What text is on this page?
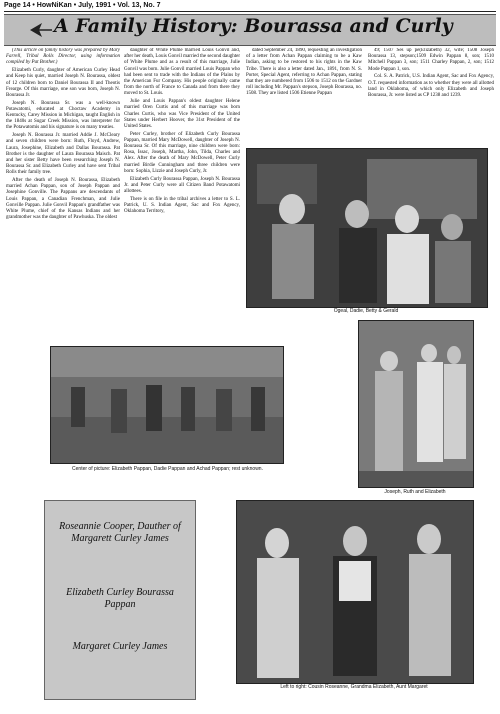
Page 14 • HowNiKan • July, 1991 • Vol. 13, No. 7
A Family History: Bourassa and Curly

(This article on family history was prepared by Mary Farrell, Tribal Rolls Director, using information compiled by Pat Brother.)

Elizabeth Curly, daughter of American Curley Head and Keep his quiet, married Joseph N. Bourassa, oldest of 12 children born to Daniel Bourassa II and Theotis Frearge. Of this marriage, one son was born, Joseph N. Bourassa Jr.

Joseph N. Bourassa Sr. was a well-known Potawatomi, educated at Choctaw Academy in Kentucky, Carey Mission in Michigan, taught English in the 1840s at Sugar Creek Mission, was interpreter for the Potawatomis and his signature is on many treaties.

Joseph N. Bourassa Jr. married Addie J. McCleary and seven children were born: Ruth, Floyd, Andrew, Laura, Josephine, Elizabeth and Dallas Bourassa. Pat Brother is the daughter of Laura Bourassa Maisch. Pat and her sister Betty have been researching Joseph N. Bourassa Sr. and Elizabeth Curley and have sent Tribal Rolls their family tree.

After the death of Joseph N. Bourassa, Elizabeth married Achan Pappan, son of Joseph Pappan and Josephine Gonville. The Pappans are descendants of Louis Pappan, a Canadian Frenchman, and Julie Gonville Pappan. Julie Gonvil Pappan's grandfather was White Plume, chief of the Kansas Indians and her grandmother was the daughter of Pawhuska. The oldest

daughter of White Plume married Louis Gonvil and, after her death, Louis Gonvil married the second daughter of White Plume and as a result of this marriage, Julie Gonvil was born. Julie Gonvil married Louis Pappan who had been sent to trade with the Indians of the Plains by the American Fur Company. His people originally came from the north of France to Canada and from there they moved to St. Louis.

Julie and Louis Pappan's oldest daughter Helene married Oren Curtis and of this marriage was born Charles Curtis, who was Vice President of the United States under Herbert Hoover, the 31st President of the United States.

Peter Curley, brother of Elizabeth Curly Bourassa Pappan, married Mary McDowell, daughter of Joseph N. Bourassa Sr. Of this marriage, nine children were born: Rosa, Issac, Joseph, Martha, John, Tilda, Charles and Alex. After the death of Mary McDowell, Peter Curly married Birdie Cunningham and three children were born: Sophia, Lizzie and Joseph Curly, Jr.

Elizabeth Curly Bourassa Pappan, Joseph N. Bourassa Jr. and Peter Curly were all Citizen Band Potawatomi allottees.

There is on file in the tribal archives a letter to S. L. Patrick, U. S. Indian Agent, Sac and Fox Agency, Oklahoma Territory,

dated September 24, 1890, requesting an investigation of a letter from Achan Pappan claiming to be a Kaw Indian, asking to be restored to his rights in the Kaw Tribe. There is also a letter dated Jan., 1891, from N. S. Porter, Special Agent, referring to Achan Pappan, stating that they are numbered from 1506 to 1512 on the Gardner roll including Mr. Pappan's stepson, Joseph Bourassa, no. 1508. They are listed 1506 Etienne Pappan

49; 1507 Ses up pe(Elizabeth) 32, wife; 1508 Joseph Bourassa 13, stepson;1509 Edwin Pappan 8, son; 1510 Mitchell Pappan 3, son; 1511 Charley Pappan, 2, son; 1512 Mode Pappan 1, son.

Col. S. A. Patrick, U.S. Indian Agent, Sac and Fox Agency, O.T. requested information as to whether they were all allotted land in Oklahoma, of which only Elizabeth and Joseph Bourassa, Jr. were listed as CP 1238 and 1239.

Ogeal, Dadie, Betty & Gerald
Center of picture: Elizabeth Pappan, Dadie Pappan and Achad Pappan; rest unknown.
Joseph, Ruth and Elizabeth
Roseannie Cooper, Dauther of Margarett Curley James
Elizabeth Curley Bourassa Pappan
Margaret Curley James
Left to right: Cousin Roseanne, Grandma Elizabeth, Aunt Margaret
